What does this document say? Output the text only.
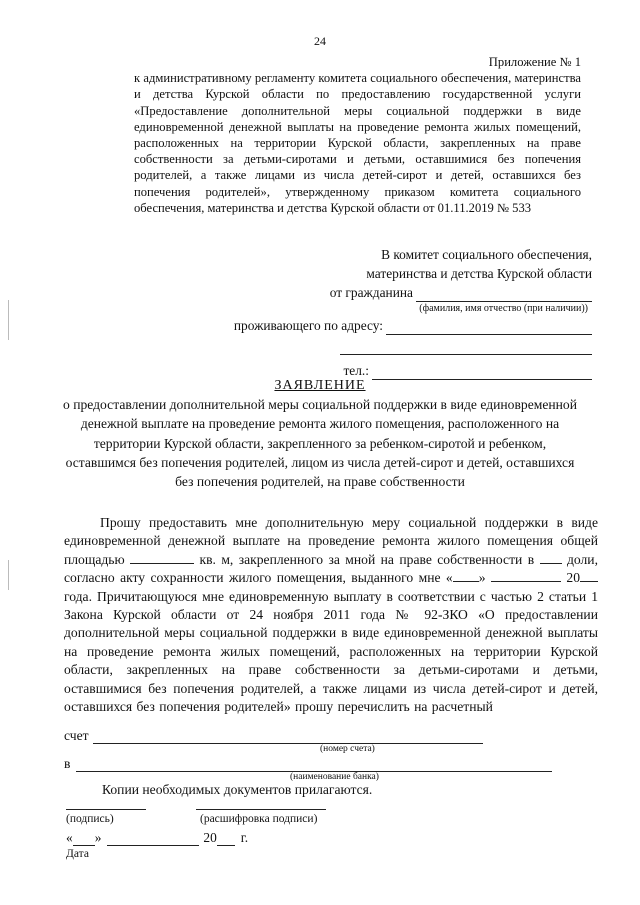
24
Приложение № 1
к административному регламенту комитета социального обеспечения, материнства и детства Курской области по предоставлению государственной услуги «Предоставление дополнительной меры социальной поддержки в виде единовременной денежной выплаты на проведение ремонта жилых помещений, расположенных на территории Курской области, закрепленных на праве собственности за детьми-сиротами и детьми, оставшимися без попечения родителей, а также лицами из числа детей-сирот и детей, оставшихся без попечения родителей», утвержденному приказом комитета социального обеспечения, материнства и детства Курской области от 01.11.2019 № 533
В комитет социального обеспечения,
материнства и детства Курской области
от гражданина
(фамилия, имя отчество (при наличии))
проживающего по адресу:
тел.:
ЗАЯВЛЕНИЕ
о предоставлении дополнительной меры социальной поддержки в виде единовременной денежной выплате на проведение ремонта жилого помещения, расположенного на территории Курской области, закрепленного за ребенком-сиротой и ребенком, оставшимся без попечения родителей, лицом из числа детей-сирот и детей, оставшихся без попечения родителей, на праве собственности
Прошу предоставить мне дополнительную меру социальной поддержки в виде единовременной денежной выплате на проведение ремонта жилого помещения общей площадью	кв. м, закрепленного за мной на праве собственности в доли, согласно акту сохранности жилого помещения, выданного мне « »	20 года. Причитающуюся мне единовременную выплату в соответствии с частью 2 статьи 1 Закона Курской области от 24 ноября 2011 года № 92-ЗКО «О предоставлении дополнительной меры социальной поддержки в виде единовременной денежной выплаты на проведение ремонта жилых помещений, расположенных на территории Курской области, закрепленных на праве собственности за детьми-сиротами и детьми, оставшимися без попечения родителей, а также лицами из числа детей-сирот и детей, оставшихся без попечения родителей» прошу перечислить на расчетный
счет
(номер счета)
в
(наименование банка)
Копии необходимых документов прилагаются.
(подпись)	(расшифровка подписи)
« »	20 г.
Дата
